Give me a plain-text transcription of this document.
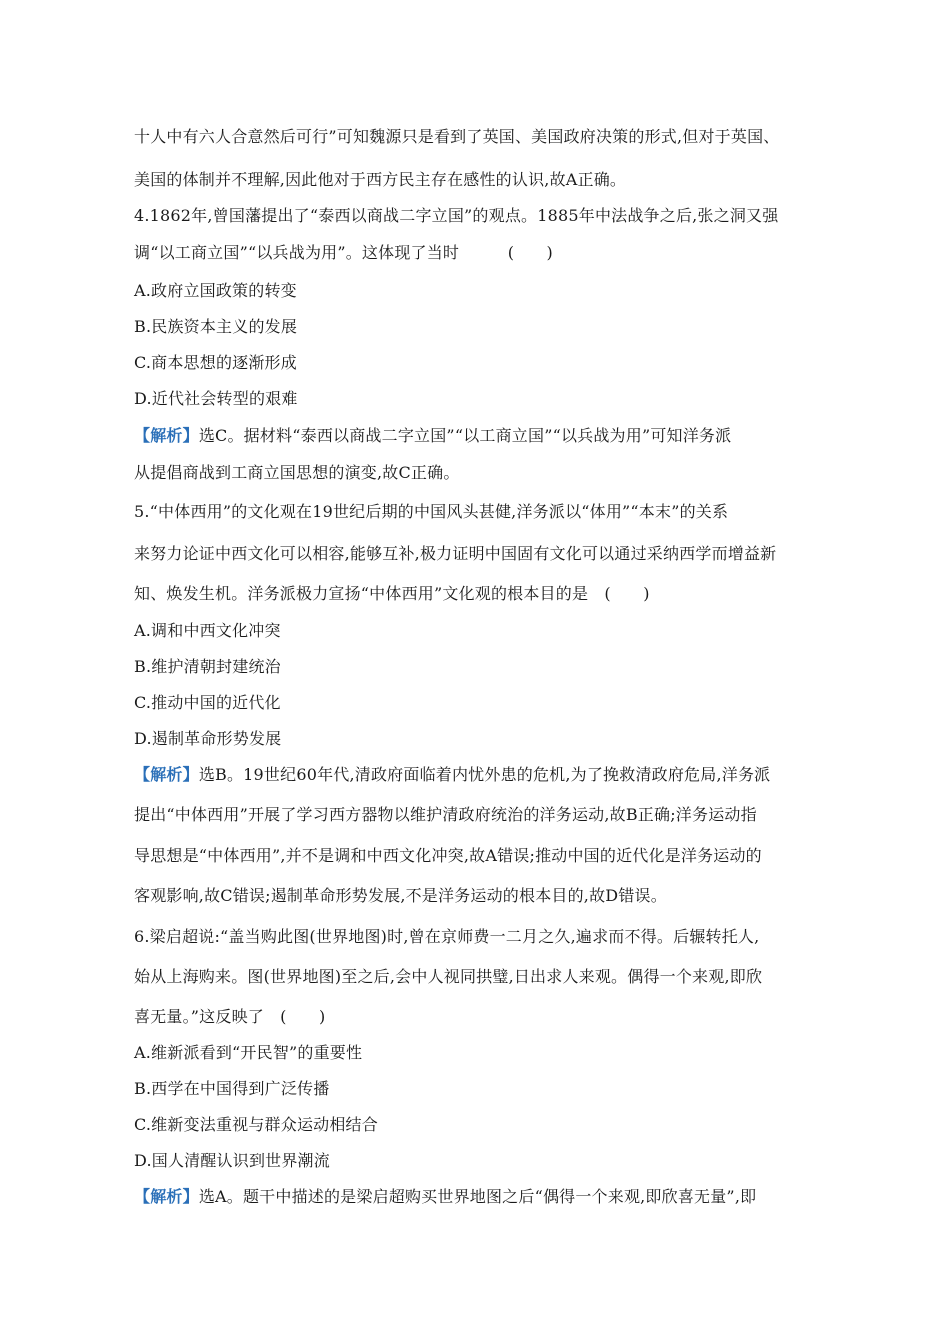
十人中有六人合意然后可行”可知魏源只是看到了英国、美国政府决策的形式,但对于英国、
美国的体制并不理解,因此他对于西方民主存在感性的认识,故A正确。
4.1862年,曾国藩提出了“泰西以商战二字立国”的观点。1885年中法战争之后,张之洞又强
调“以工商立国”“以兵战为用”。这体现了当时　　　(　　)
A.政府立国政策的转变
B.民族资本主义的发展
C.商本思想的逐渐形成
D.近代社会转型的艰难
【解析】选C。据材料“泰西以商战二字立国”“以工商立国”“以兵战为用”可知洋务派
从提倡商战到工商立国思想的演变,故C正确。
5.“中体西用”的文化观在19世纪后期的中国风头甚健,洋务派以“体用”“本末”的关系
来努力论证中西文化可以相容,能够互补,极力证明中国固有文化可以通过采纳西学而增益新
知、焕发生机。洋务派极力宣扬“中体西用”文化观的根本目的是　(　　)
A.调和中西文化冲突
B.维护清朝封建统治
C.推动中国的近代化
D.遏制革命形势发展
【解析】选B。19世纪60年代,清政府面临着内忧外患的危机,为了挽救清政府危局,洋务派
提出“中体西用”开展了学习西方器物以维护清政府统治的洋务运动,故B正确;洋务运动指
导思想是“中体西用”,并不是调和中西文化冲突,故A错误;推动中国的近代化是洋务运动的
客观影响,故C错误;遏制革命形势发展,不是洋务运动的根本目的,故D错误。
6.梁启超说:“盖当购此图(世界地图)时,曾在京师费一二月之久,遍求而不得。后辗转托人,
始从上海购来。图(世界地图)至之后,会中人视同拱璧,日出求人来观。偶得一个来观,即欣
喜无量。”这反映了　(　　)
A.维新派看到“开民智”的重要性
B.西学在中国得到广泛传播
C.维新变法重视与群众运动相结合
D.国人清醒认识到世界潮流
【解析】选A。题干中描述的是梁启超购买世界地图之后“偶得一个来观,即欣喜无量”,即
